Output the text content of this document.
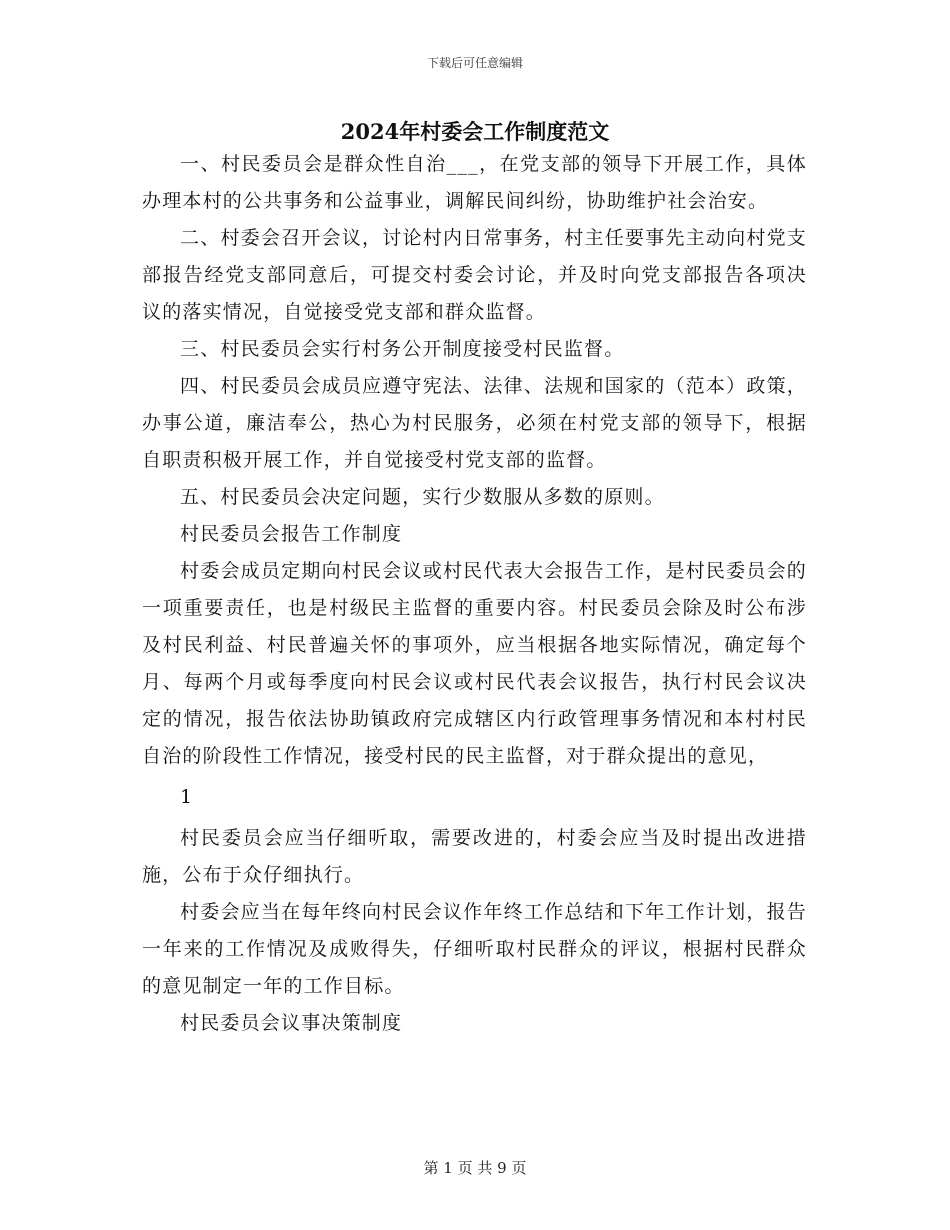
下载后可任意编辑
2024年村委会工作制度范文

一、村民委员会是群众性自治___，在党支部的领导下开展工作，具体办理本村的公共事务和公益事业，调解民间纠纷，协助维护社会治安。

二、村委会召开会议，讨论村内日常事务，村主任要事先主动向村党支部报告经党支部同意后，可提交村委会讨论，并及时向党支部报告各项决议的落实情况，自觉接受党支部和群众监督。

三、村民委员会实行村务公开制度接受村民监督。

四、村民委员会成员应遵守宪法、法律、法规和国家的（范本）政策，办事公道，廉洁奉公，热心为村民服务，必须在村党支部的领导下，根据自职责积极开展工作，并自觉接受村党支部的监督。

五、村民委员会决定问题，实行少数服从多数的原则。

村民委员会报告工作制度

村委会成员定期向村民会议或村民代表大会报告工作，是村民委员会的一项重要责任，也是村级民主监督的重要内容。村民委员会除及时公布涉及村民利益、村民普遍关怀的事项外，应当根据各地实际情况，确定每个月、每两个月或每季度向村民会议或村民代表会议报告，执行村民会议决定的情况，报告依法协助镇政府完成辖区内行政管理事务情况和本村村民自治的阶段性工作情况，接受村民的民主监督，对于群众提出的意见，

1

村民委员会应当仔细听取，需要改进的，村委会应当及时提出改进措施，公布于众仔细执行。

村委会应当在每年终向村民会议作年终工作总结和下年工作计划，报告一年来的工作情况及成败得失，仔细听取村民群众的评议，根据村民群众的意见制定一年的工作目标。

村民委员会议事决策制度

第 1 页 共 9 页
